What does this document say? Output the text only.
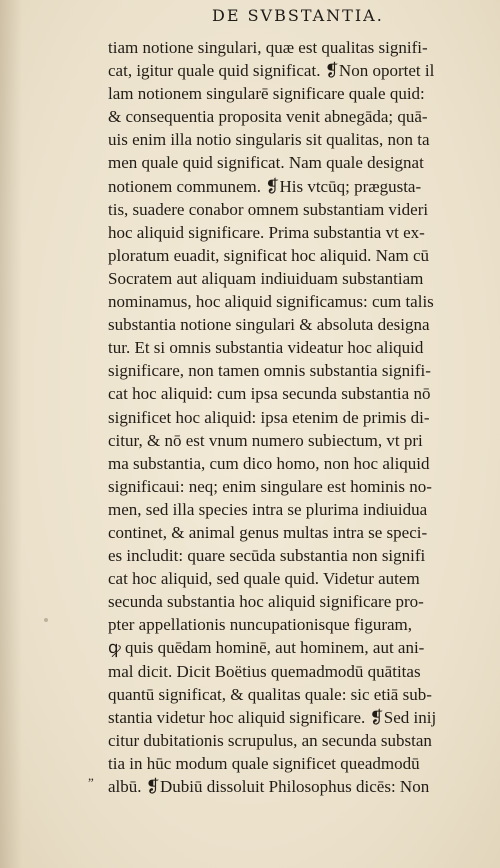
DE SVBSTANTIA.
”
tiam notione singulari, quæ est qualitas signifi-
cat, igitur quale quid significat. ❡Non oportet il
lam notionem singularē significare quale quid:
& consequentia proposita venit abnegāda; quā-
uis enim illa notio singularis sit qualitas, non ta
men quale quid significat. Nam quale designat
notionem communem. ❡His vtcūq; prægusta-
tis, suadere conabor omnem substantiam videri
hoc aliquid significare. Prima substantia vt ex-
ploratum euadit, significat hoc aliquid. Nam cū
Socratem aut aliquam indiuiduam substantiam
nominamus, hoc aliquid significamus: cum talis
substantia notione singulari & absoluta designa
tur. Et si omnis substantia videatur hoc aliquid
significare, non tamen omnis substantia signifi-
cat hoc aliquid: cum ipsa secunda substantia nō
significet hoc aliquid: ipsa etenim de primis di-
citur, & nō est vnum numero subiectum, vt pri
ma substantia, cum dico homo, non hoc aliquid
significaui: neq; enim singulare est hominis no-
men, sed illa species intra se plurima indiuidua
continet, & animal genus multas intra se speci-
es includit: quare secūda substantia non signifi
cat hoc aliquid, sed quale quid. Videtur autem
secunda substantia hoc aliquid significare pro-
pter appellationis nuncupationisque figuram,
ꝙ quis quēdam hominē, aut hominem, aut ani-
mal dicit. Dicit Boëtius quemadmodū quātitas
quantū significat, & qualitas quale: sic etiā sub-
stantia videtur hoc aliquid significare. ❡Sed inij
citur dubitationis scrupulus, an secunda substan
tia in hūc modum quale significet queadmodū
albū. ❡Dubiū dissoluit Philosophus dicēs: Non
